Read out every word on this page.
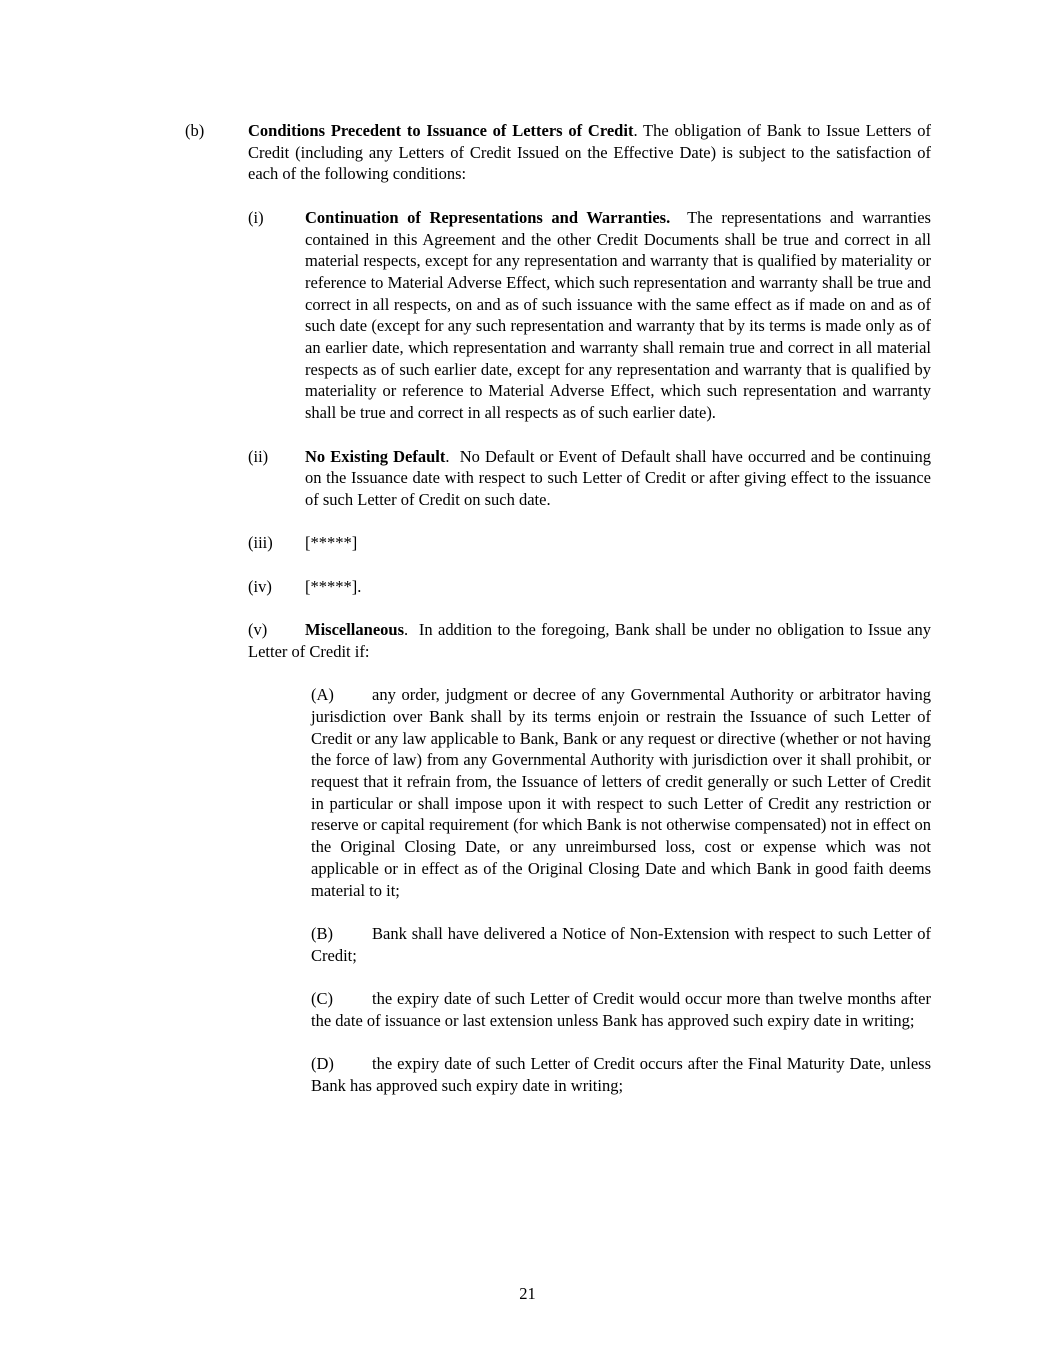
(b)	Conditions Precedent to Issuance of Letters of Credit. The obligation of Bank to Issue Letters of Credit (including any Letters of Credit Issued on the Effective Date) is subject to the satisfaction of each of the following conditions:
(i)	Continuation of Representations and Warranties.  The representations and warranties contained in this Agreement and the other Credit Documents shall be true and correct in all material respects, except for any representation and warranty that is qualified by materiality or reference to Material Adverse Effect, which such representation and warranty shall be true and correct in all respects, on and as of such issuance with the same effect as if made on and as of such date (except for any such representation and warranty that by its terms is made only as of an earlier date, which representation and warranty shall remain true and correct in all material respects as of such earlier date, except for any representation and warranty that is qualified by materiality or reference to Material Adverse Effect, which such representation and warranty shall be true and correct in all respects as of such earlier date).
(ii) No Existing Default.  No Default or Event of Default shall have occurred and be continuing on the Issuance date with respect to such Letter of Credit or after giving effect to the issuance of such Letter of Credit on such date.
(iii) [*****]
(iv) [*****].
(v) Miscellaneous.  In addition to the foregoing, Bank shall be under no obligation to Issue any Letter of Credit if:
(A) any order, judgment or decree of any Governmental Authority or arbitrator having jurisdiction over Bank shall by its terms enjoin or restrain the Issuance of such Letter of Credit or any law applicable to Bank, Bank or any request or directive (whether or not having the force of law) from any Governmental Authority with jurisdiction over it shall prohibit, or request that it refrain from, the Issuance of letters of credit generally or such Letter of Credit in particular or shall impose upon it with respect to such Letter of Credit any restriction or reserve or capital requirement (for which Bank is not otherwise compensated) not in effect on the Original Closing Date, or any unreimbursed loss, cost or expense which was not applicable or in effect as of the Original Closing Date and which Bank in good faith deems material to it;
(B) Bank shall have delivered a Notice of Non-Extension with respect to such Letter of Credit;
(C) the expiry date of such Letter of Credit would occur more than twelve months after the date of issuance or last extension unless Bank has approved such expiry date in writing;
(D) the expiry date of such Letter of Credit occurs after the Final Maturity Date, unless Bank has approved such expiry date in writing;
21
